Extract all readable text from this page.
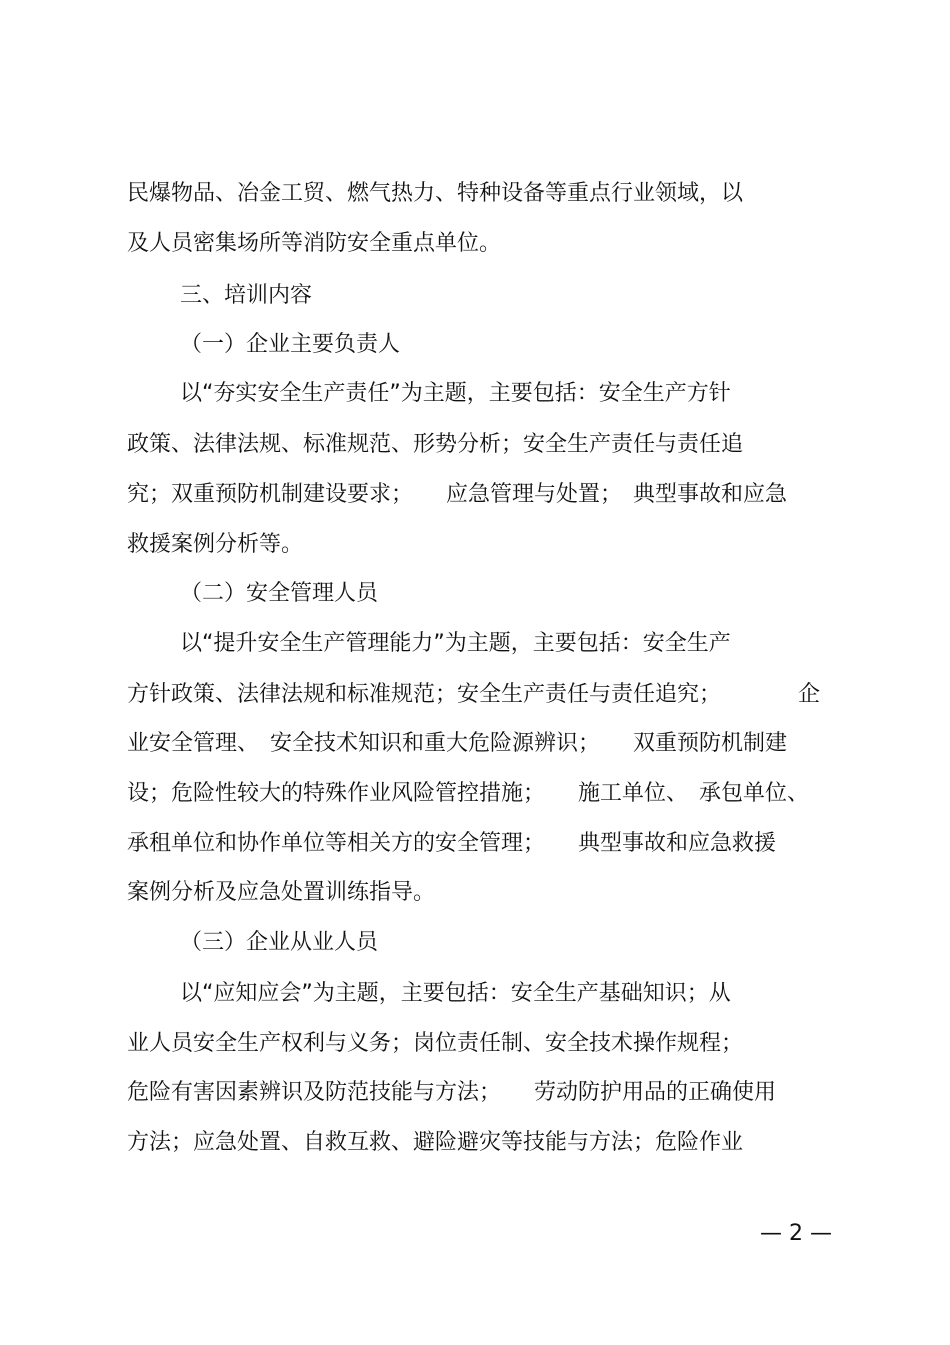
民爆物品、冶金工贸、燃气热力、特种设备等重点行业领域，以
及人员密集场所等消防安全重点单位。
三、培训内容
（一）企业主要负责人
以“夯实安全生产责任”为主题，主要包括：安全生产方针
政策、法律法规、标准规范、形势分析；安全生产责任与责任追
究；双重预防机制建设要求；　　应急管理与处置；　典型事故和应急
救援案例分析等。
（二）安全管理人员
以“提升安全生产管理能力”为主题，主要包括：安全生产
方针政策、法律法规和标准规范；安全生产责任与责任追究；　　　　企
业安全管理、　安全技术知识和重大危险源辨识；　　双重预防机制建
设；危险性较大的特殊作业风险管控措施；　　施工单位、　承包单位、
承租单位和协作单位等相关方的安全管理；　　典型事故和应急救援
案例分析及应急处置训练指导。
（三）企业从业人员
以“应知应会”为主题，主要包括：安全生产基础知识；从
业人员安全生产权利与义务；岗位责任制、安全技术操作规程；
危险有害因素辨识及防范技能与方法；　　劳动防护用品的正确使用
方法；应急处置、自救互救、避险避灾等技能与方法；危险作业
— 2 —
